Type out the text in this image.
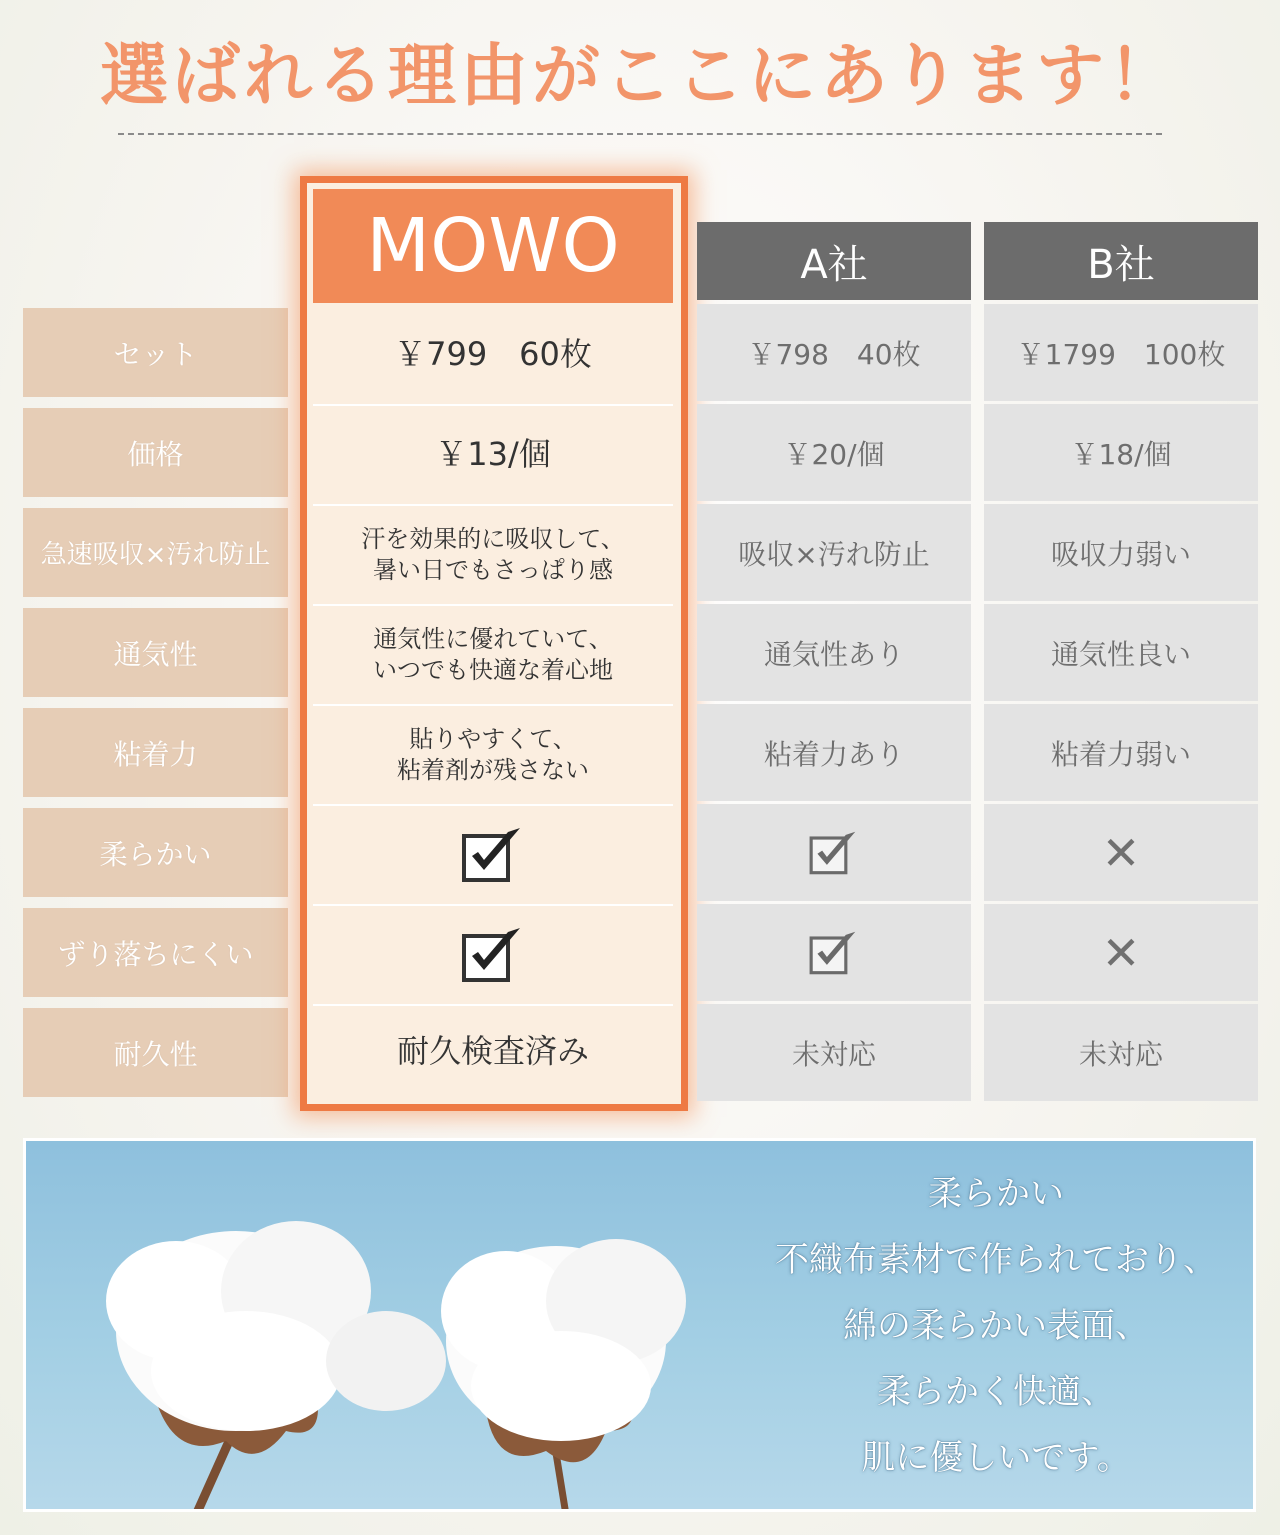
選ばれる理由がここにあります！
セット
価格
急速吸収×汚れ防止
通気性
粘着力
柔らかい
ずり落ちにくい
耐久性
MOWO
￥799　60枚
￥13/個
汗を効果的に吸収して、
暑い日でもさっぱり感
通気性に優れていて、
いつでも快適な着心地
貼りやすくて、
粘着剤が残さない
耐久検査済み
A社
￥798　40枚
￥20/個
吸収×汚れ防止
通気性あり
粘着力あり
未対応
B社
￥1799　100枚
￥18/個
吸収力弱い
通気性良い
粘着力弱い
✕
✕
未対応
柔らかい
不織布素材で作られており、
綿の柔らかい表面、
柔らかく快適、
肌に優しいです。
